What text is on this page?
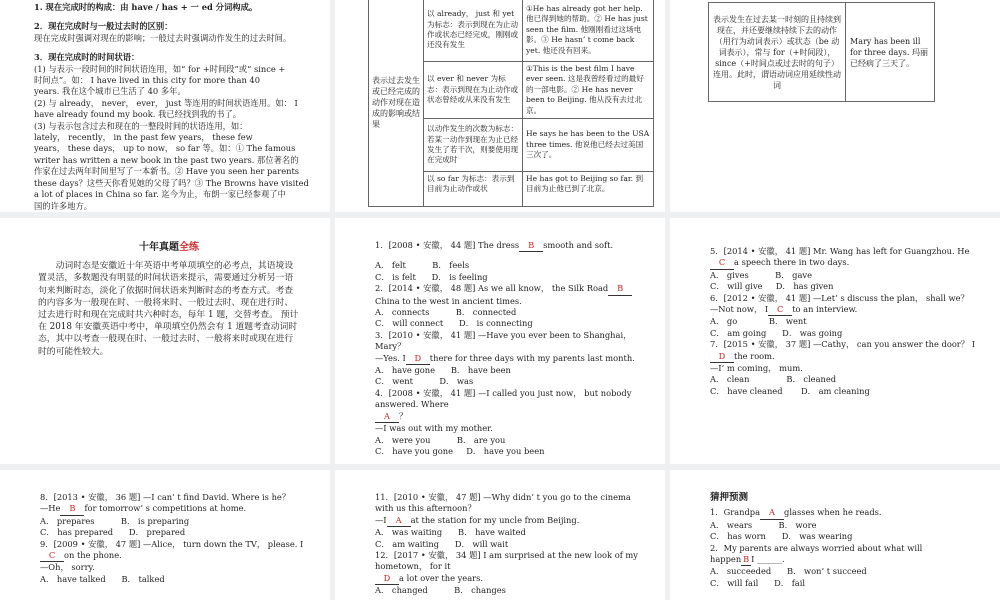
1. 现在完成时的构成：由 have / has + 一 ed 分词构成。
2．现在完成时与一般过去时的区别：
现在完成时强调对现在的影响；一般过去时强调动作发生的过去时间。
3．现在完成时的时间状语：
(1) 与表示一段时间的时间状语连用，如“ for +时间段”或“ since +
时间点”。如： I have lived in this city for more than 40
years. 我在这个城市已生活了 40 多年。
(2) 与 already， never， ever， just 等连用的时间状语连用。如： I
have already found my book. 我已经找到我的书了。
(3) 与表示包含过去和现在的一整段时间的状语连用，如：
lately， recently， in the past few years， these few
years， these days， up to now， so far 等。如：① The famous
writer has written a new book in the past two years. 那位著名的
作家在过去两年时间里写了一本新书。② Have you seen her parents
these days？这些天你看见她的父母了吗？③ The Browns have visited
a lot of places in China so far. 迄今为止，布朗一家已经参观了中
国的许多地方。
表示过去发生或已经完成的动作对现在造成的影响或结果	以 already， just 和 yet 为标志：表示到现在为止动作或状态已经完成，刚刚或还没有发生	①He has already got her help. 他已得到她的帮助。② He has just seen the film. 他刚刚看过这场电影。③ He hasn’ t come back yet. 他还没有回来。
	以 ever 和 never 为标志：表示到现在为止动作或状态曾经或从来没有发生	①This is the best film I have ever seen. 这是我曾经看过的最好的一部电影。② He has never been to Beijing. 他从没有去过北京。
	以动作发生的次数为标志：若某一动作到现在为止已经发生了若干次，则要使用现在完成时	He says he has been to the USA three times. 他说他已经去过美国三次了。
	以 so far 为标志：表示到目前为止动作或状	He has got to Beijing so far. 到目前为止他已到了北京。
表示发生在过去某一时刻的且持续到现在，并还要继续持续下去的动作（用行为动词表示）或状态（be 动词表示），常与 for（+时间段），since（+时间点或过去时的句子）连用。此时，谓语动词应用延续性动词	Mary has been ill for three days. 玛丽已经病了三天了。
十年真题全练
动词时态是安徽近十年英语中考单项填空的必考点，其语境设置灵活，多数题没有明显的时间状语来提示，需要通过分析另一语句来判断时态，淡化了依据时间状语来判断时态的考查方式。考查的内容多为一般现在时、一般将来时、一般过去时、现在进行时、过去进行时和现在完成时共六种时态，每年 1 题，交替考查。 预计在 2018 年安徽英语中考中，单项填空仍然会有 1 道题考查动词时态，其中以考查一般现在时、一般过去时、一般将来时或现在进行时的可能性较大。
1．[2008 • 安徽， 44 题] The dress B smooth and soft.
A． felt          B． feels
C． is felt      D． is feeling
2．[2014 • 安徽， 48 题] As we all know， the Silk Road BChina to the west in ancient times.
A． connects          B． connected
C． will connect      D． is connecting
3．[2010 • 安徽， 41 题] —Have you ever been to Shanghai， Mary？
—Yes. I D there for three days with my parents last month.
A． have gone      B． have been
C． went          D． was
4．[2008 • 安徽， 41 题] —I called you just now， but nobody answered. Where
A ？
—I was out with my mother.
A． were you          B． are you
C． have you gone     D． have you been
5．[2014 • 安徽， 41 题] Mr. Wang has left for Guangzhou. HeC a speech there in two days.
A． gives          B． gave
C． will give     D． has given
6．[2012 • 安徽， 41 题] —Let’ s discuss the plan， shall we？
—Not now， I C to an interview.
A． go            B． went
C． am going      D． was going
7．[2015 • 安徽， 37 题] —Cathy， can you answer the door？ I
D the room.
—I’ m coming， mum.
A． clean              B． cleaned
C． have cleaned       D． am cleaning
8．[2013 • 安徽， 36 题] —I can’ t find David. Where is he？
—He B for tomorrow’ s competitions at home.
A． prepares          B． is preparing
C． has prepared      D． prepared
9．[2009 • 安徽， 47 题] —Alice， turn down the TV， please. I
C on the phone.
—Oh， sorry.
A． have talked      B． talked
11．[2010 • 安徽， 47 题] —Why didn’ t you go to the cinema with us this afternoon？
—I A at the station for my uncle from Beijing.
A． was waiting      B． have waited
C． am waiting      D． will wait
12．[2017 • 安徽， 34 题] I am surprised at the new look of my hometown， for it
D a lot over the years.
A． changed          B． changes
猜押预测
1．Grandpa A glasses when he reads.
A． wears          B． wore
C． has worn      D． was wearing
2．My parents are always worried about what will
happen B I ______.
A． succeeded      B． won’ t succeed
C． will fail      D． fail
